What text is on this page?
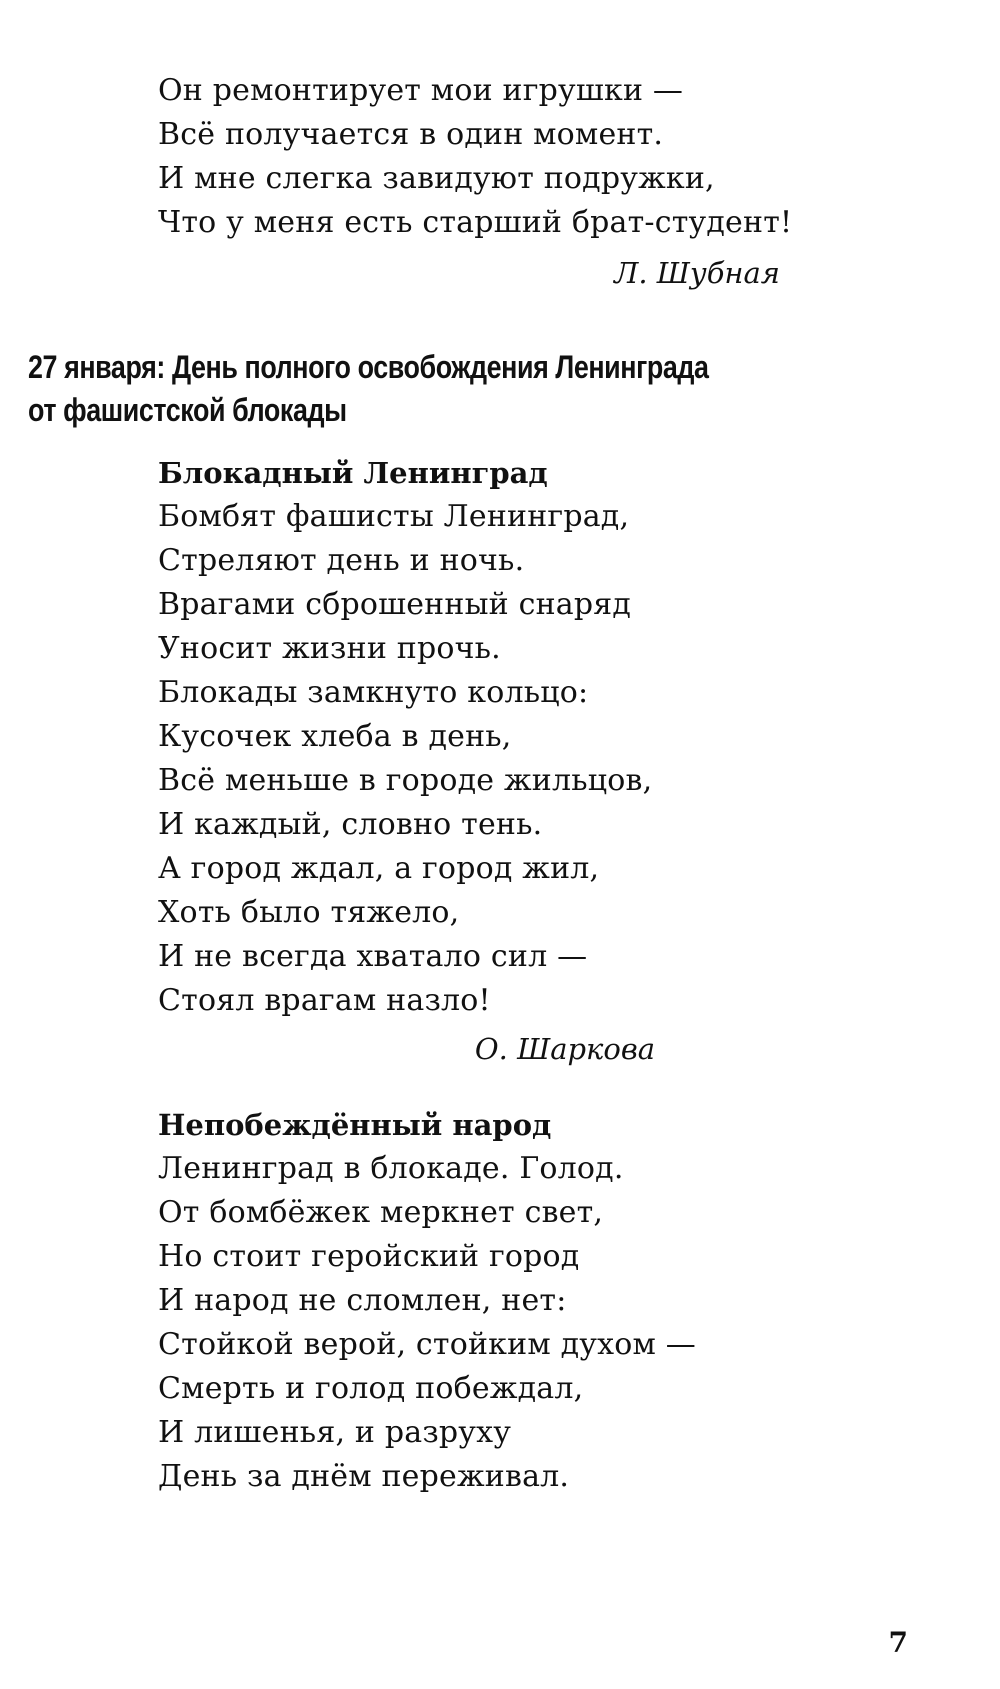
Он ремонтирует мои игрушки —
Всё получается в один момент.
И мне слегка завидуют подружки,
Что у меня есть старший брат-студент!
Л. Шубная
27 января: День полного освобождения Ленинграда
от фашистской блокады
Блокадный Ленинград
Бомбят фашисты Ленинград,
Стреляют день и ночь.
Врагами сброшенный снаряд
Уносит жизни прочь.
Блокады замкнуто кольцо:
Кусочек хлеба в день,
Всё меньше в городе жильцов,
И каждый, словно тень.
А город ждал, а город жил,
Хоть было тяжело,
И не всегда хватало сил —
Стоял врагам назло!
О. Шаркова
Непобеждённый народ
Ленинград в блокаде. Голод.
От бомбёжек меркнет свет,
Но стоит геройский город
И народ не сломлен, нет:
Стойкой верой, стойким духом —
Смерть и голод побеждал,
И лишенья, и разруху
День за днём переживал.
7
